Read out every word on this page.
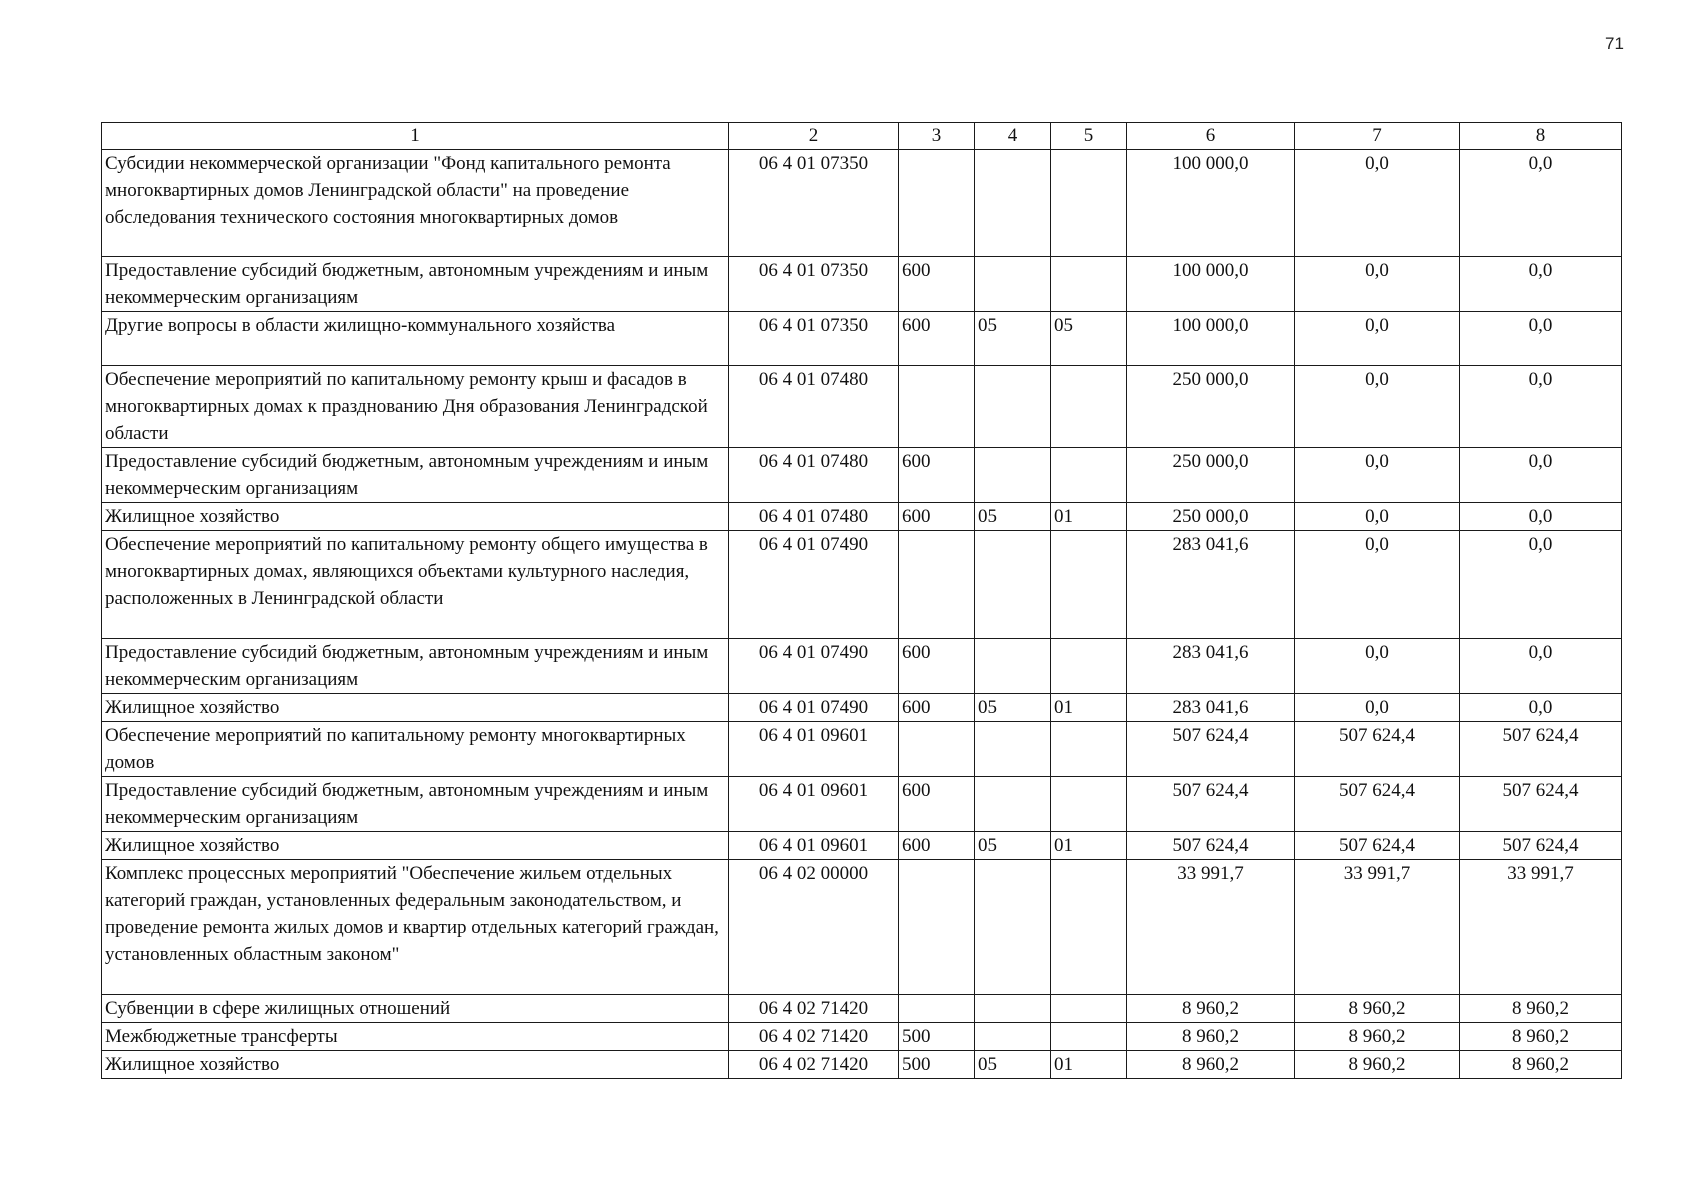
71
1	2	3	4	5	6	7	8
Субсидии некоммерческой организации "Фонд капитального ремонта многоквартирных домов Ленинградской области" на проведение обследования технического состояния многоквартирных домов	06 4 01 07350				100 000,0	0,0	0,0
Предоставление субсидий бюджетным, автономным учреждениям и иным некоммерческим организациям	06 4 01 07350	600			100 000,0	0,0	0,0
Другие вопросы в области жилищно-коммунального хозяйства	06 4 01 07350	600	05	05	100 000,0	0,0	0,0
Обеспечение мероприятий по капитальному ремонту крыш и фасадов в многоквартирных домах к празднованию Дня образования Ленинградской области	06 4 01 07480				250 000,0	0,0	0,0
Предоставление субсидий бюджетным, автономным учреждениям и иным некоммерческим организациям	06 4 01 07480	600			250 000,0	0,0	0,0
Жилищное хозяйство	06 4 01 07480	600	05	01	250 000,0	0,0	0,0
Обеспечение мероприятий по капитальному ремонту общего имущества в многоквартирных домах, являющихся объектами культурного наследия, расположенных в Ленинградской области	06 4 01 07490				283 041,6	0,0	0,0
Предоставление субсидий бюджетным, автономным учреждениям и иным некоммерческим организациям	06 4 01 07490	600			283 041,6	0,0	0,0
Жилищное хозяйство	06 4 01 07490	600	05	01	283 041,6	0,0	0,0
Обеспечение мероприятий по капитальному ремонту многоквартирных домов	06 4 01 09601				507 624,4	507 624,4	507 624,4
Предоставление субсидий бюджетным, автономным учреждениям и иным некоммерческим организациям	06 4 01 09601	600			507 624,4	507 624,4	507 624,4
Жилищное хозяйство	06 4 01 09601	600	05	01	507 624,4	507 624,4	507 624,4
Комплекс процессных мероприятий "Обеспечение жильем отдельных категорий граждан, установленных федеральным законодательством, и проведение ремонта жилых домов и квартир отдельных категорий граждан, установленных областным законом"	06 4 02 00000				33 991,7	33 991,7	33 991,7
Субвенции в сфере жилищных отношений	06 4 02 71420				8 960,2	8 960,2	8 960,2
Межбюджетные трансферты	06 4 02 71420	500			8 960,2	8 960,2	8 960,2
Жилищное хозяйство	06 4 02 71420	500	05	01	8 960,2	8 960,2	8 960,2
